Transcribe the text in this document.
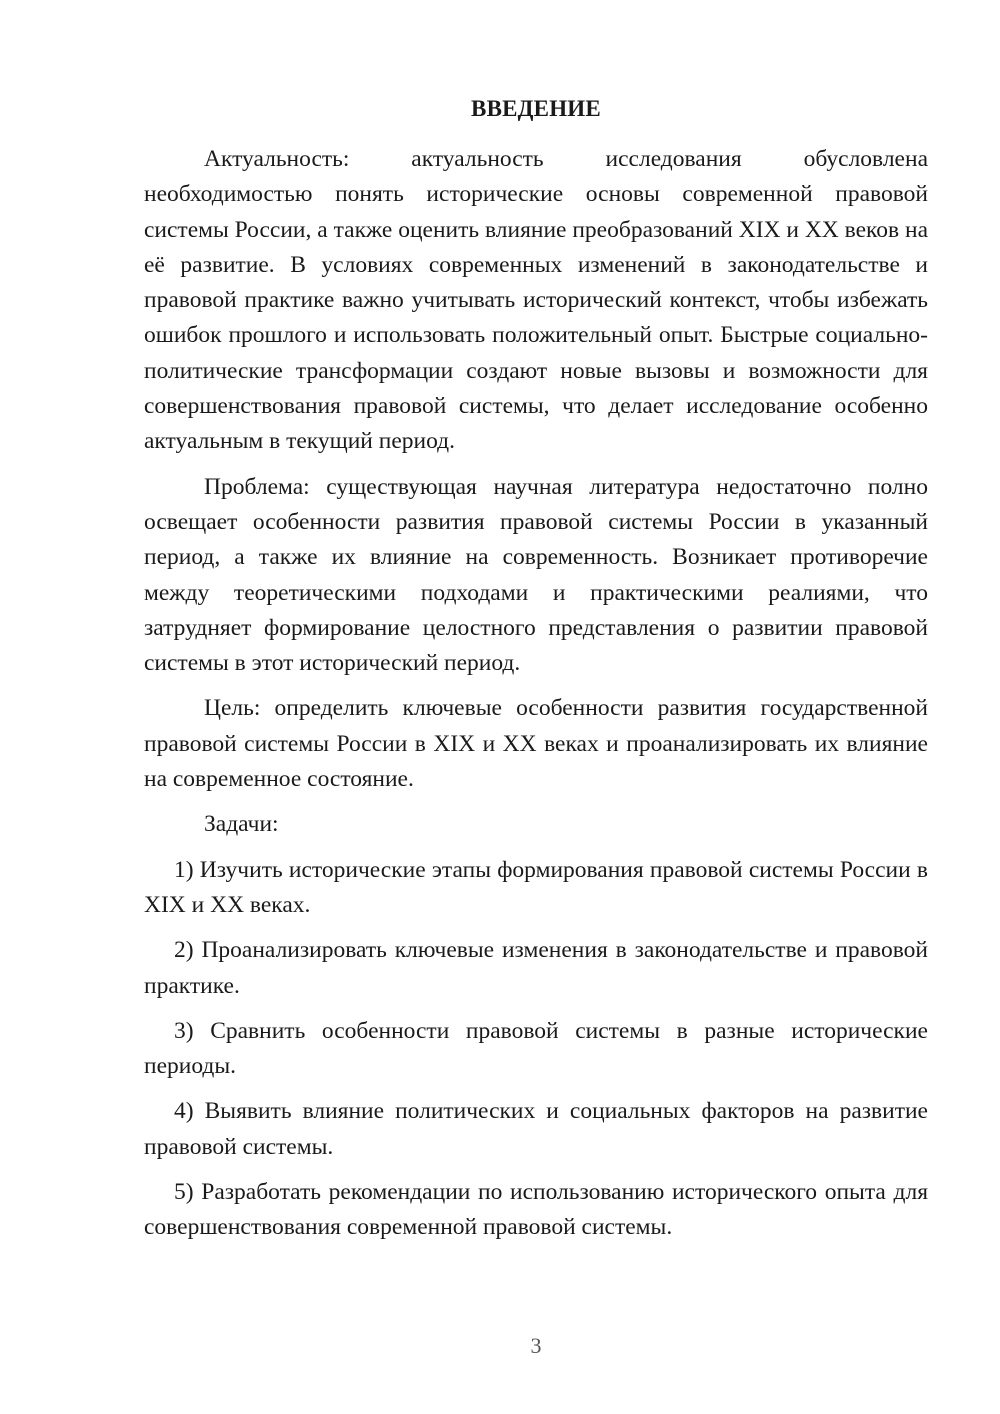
ВВЕДЕНИЕ

Актуальность: актуальность исследования обусловлена необходимостью понять исторические основы современной правовой системы России, а также оценить влияние преобразований XIX и XX веков на её развитие. В условиях современных изменений в законодательстве и правовой практике важно учитывать исторический контекст, чтобы избежать ошибок прошлого и использовать положительный опыт. Быстрые социально-политические трансформации создают новые вызовы и возможности для совершенствования правовой системы, что делает исследование особенно актуальным в текущий период.

Проблема: существующая научная литература недостаточно полно освещает особенности развития правовой системы России в указанный период, а также их влияние на современность. Возникает противоречие между теоретическими подходами и практическими реалиями, что затрудняет формирование целостного представления о развитии правовой системы в этот исторический период.

Цель: определить ключевые особенности развития государственной правовой системы России в XIX и XX веках и проанализировать их влияние на современное состояние.

Задачи:

1) Изучить исторические этапы формирования правовой системы России в XIX и XX веках.

2) Проанализировать ключевые изменения в законодательстве и правовой практике.

3) Сравнить особенности правовой системы в разные исторические периоды.

4) Выявить влияние политических и социальных факторов на развитие правовой системы.

5) Разработать рекомендации по использованию исторического опыта для совершенствования современной правовой системы.

3
